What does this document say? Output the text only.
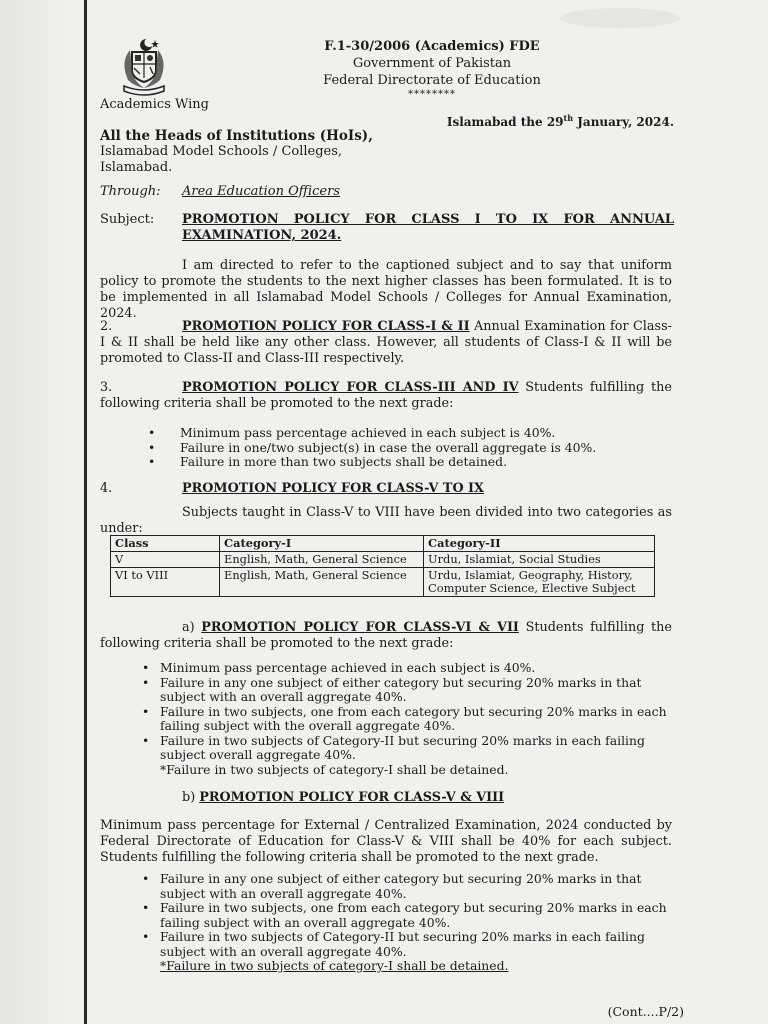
F.1-30/2006 (Academics) FDE
Government of Pakistan
Federal Directorate of Education
********
Academics Wing
Islamabad the 29th January, 2024.
All the Heads of Institutions (HoIs),
Islamabad Model Schools / Colleges,
Islamabad.
Through: Area Education Officers
Subject: PROMOTION POLICY FOR CLASS I TO IX FOR ANNUAL EXAMINATION, 2024.
I am directed to refer to the captioned subject and to say that uniform policy to promote the students to the next higher classes has been formulated. It is to be implemented in all Islamabad Model Schools / Colleges for Annual Examination, 2024.
2.	PROMOTION POLICY FOR CLASS-I & II Annual Examination for Class-I & II shall be held like any other class. However, all students of Class-I & II will be promoted to Class-II and Class-III respectively.
3.	PROMOTION POLICY FOR CLASS-III AND IV Students fulfilling the following criteria shall be promoted to the next grade:
• Minimum pass percentage achieved in each subject is 40%.
• Failure in one/two subject(s) in case the overall aggregate is 40%.
• Failure in more than two subjects shall be detained.
4.	PROMOTION POLICY FOR CLASS-V TO IX
Subjects taught in Class-V to VIII have been divided into two categories as under:
Class	Category-I	Category-II
V	English, Math, General Science	Urdu, Islamiat, Social Studies
VI to VIII	English, Math, General Science	Urdu, Islamiat, Geography, History, Computer Science, Elective Subject
a) PROMOTION POLICY FOR CLASS-VI & VII Students fulfilling the following criteria shall be promoted to the next grade:
• Minimum pass percentage achieved in each subject is 40%.
• Failure in any one subject of either category but securing 20% marks in that subject with an overall aggregate 40%.
• Failure in two subjects, one from each category but securing 20% marks in each failing subject with the overall aggregate 40%.
• Failure in two subjects of Category-II but securing 20% marks in each failing subject overall aggregate 40%.
*Failure in two subjects of category-I shall be detained.
b) PROMOTION POLICY FOR CLASS-V & VIII
Minimum pass percentage for External / Centralized Examination, 2024 conducted by Federal Directorate of Education for Class-V & VIII shall be 40% for each subject. Students fulfilling the following criteria shall be promoted to the next grade.
• Failure in any one subject of either category but securing 20% marks in that subject with an overall aggregate 40%.
• Failure in two subjects, one from each category but securing 20% marks in each failing subject with an overall aggregate 40%.
• Failure in two subjects of Category-II but securing 20% marks in each failing subject with an overall aggregate 40%.
*Failure in two subjects of category-I shall be detained.
(Cont....P/2)
